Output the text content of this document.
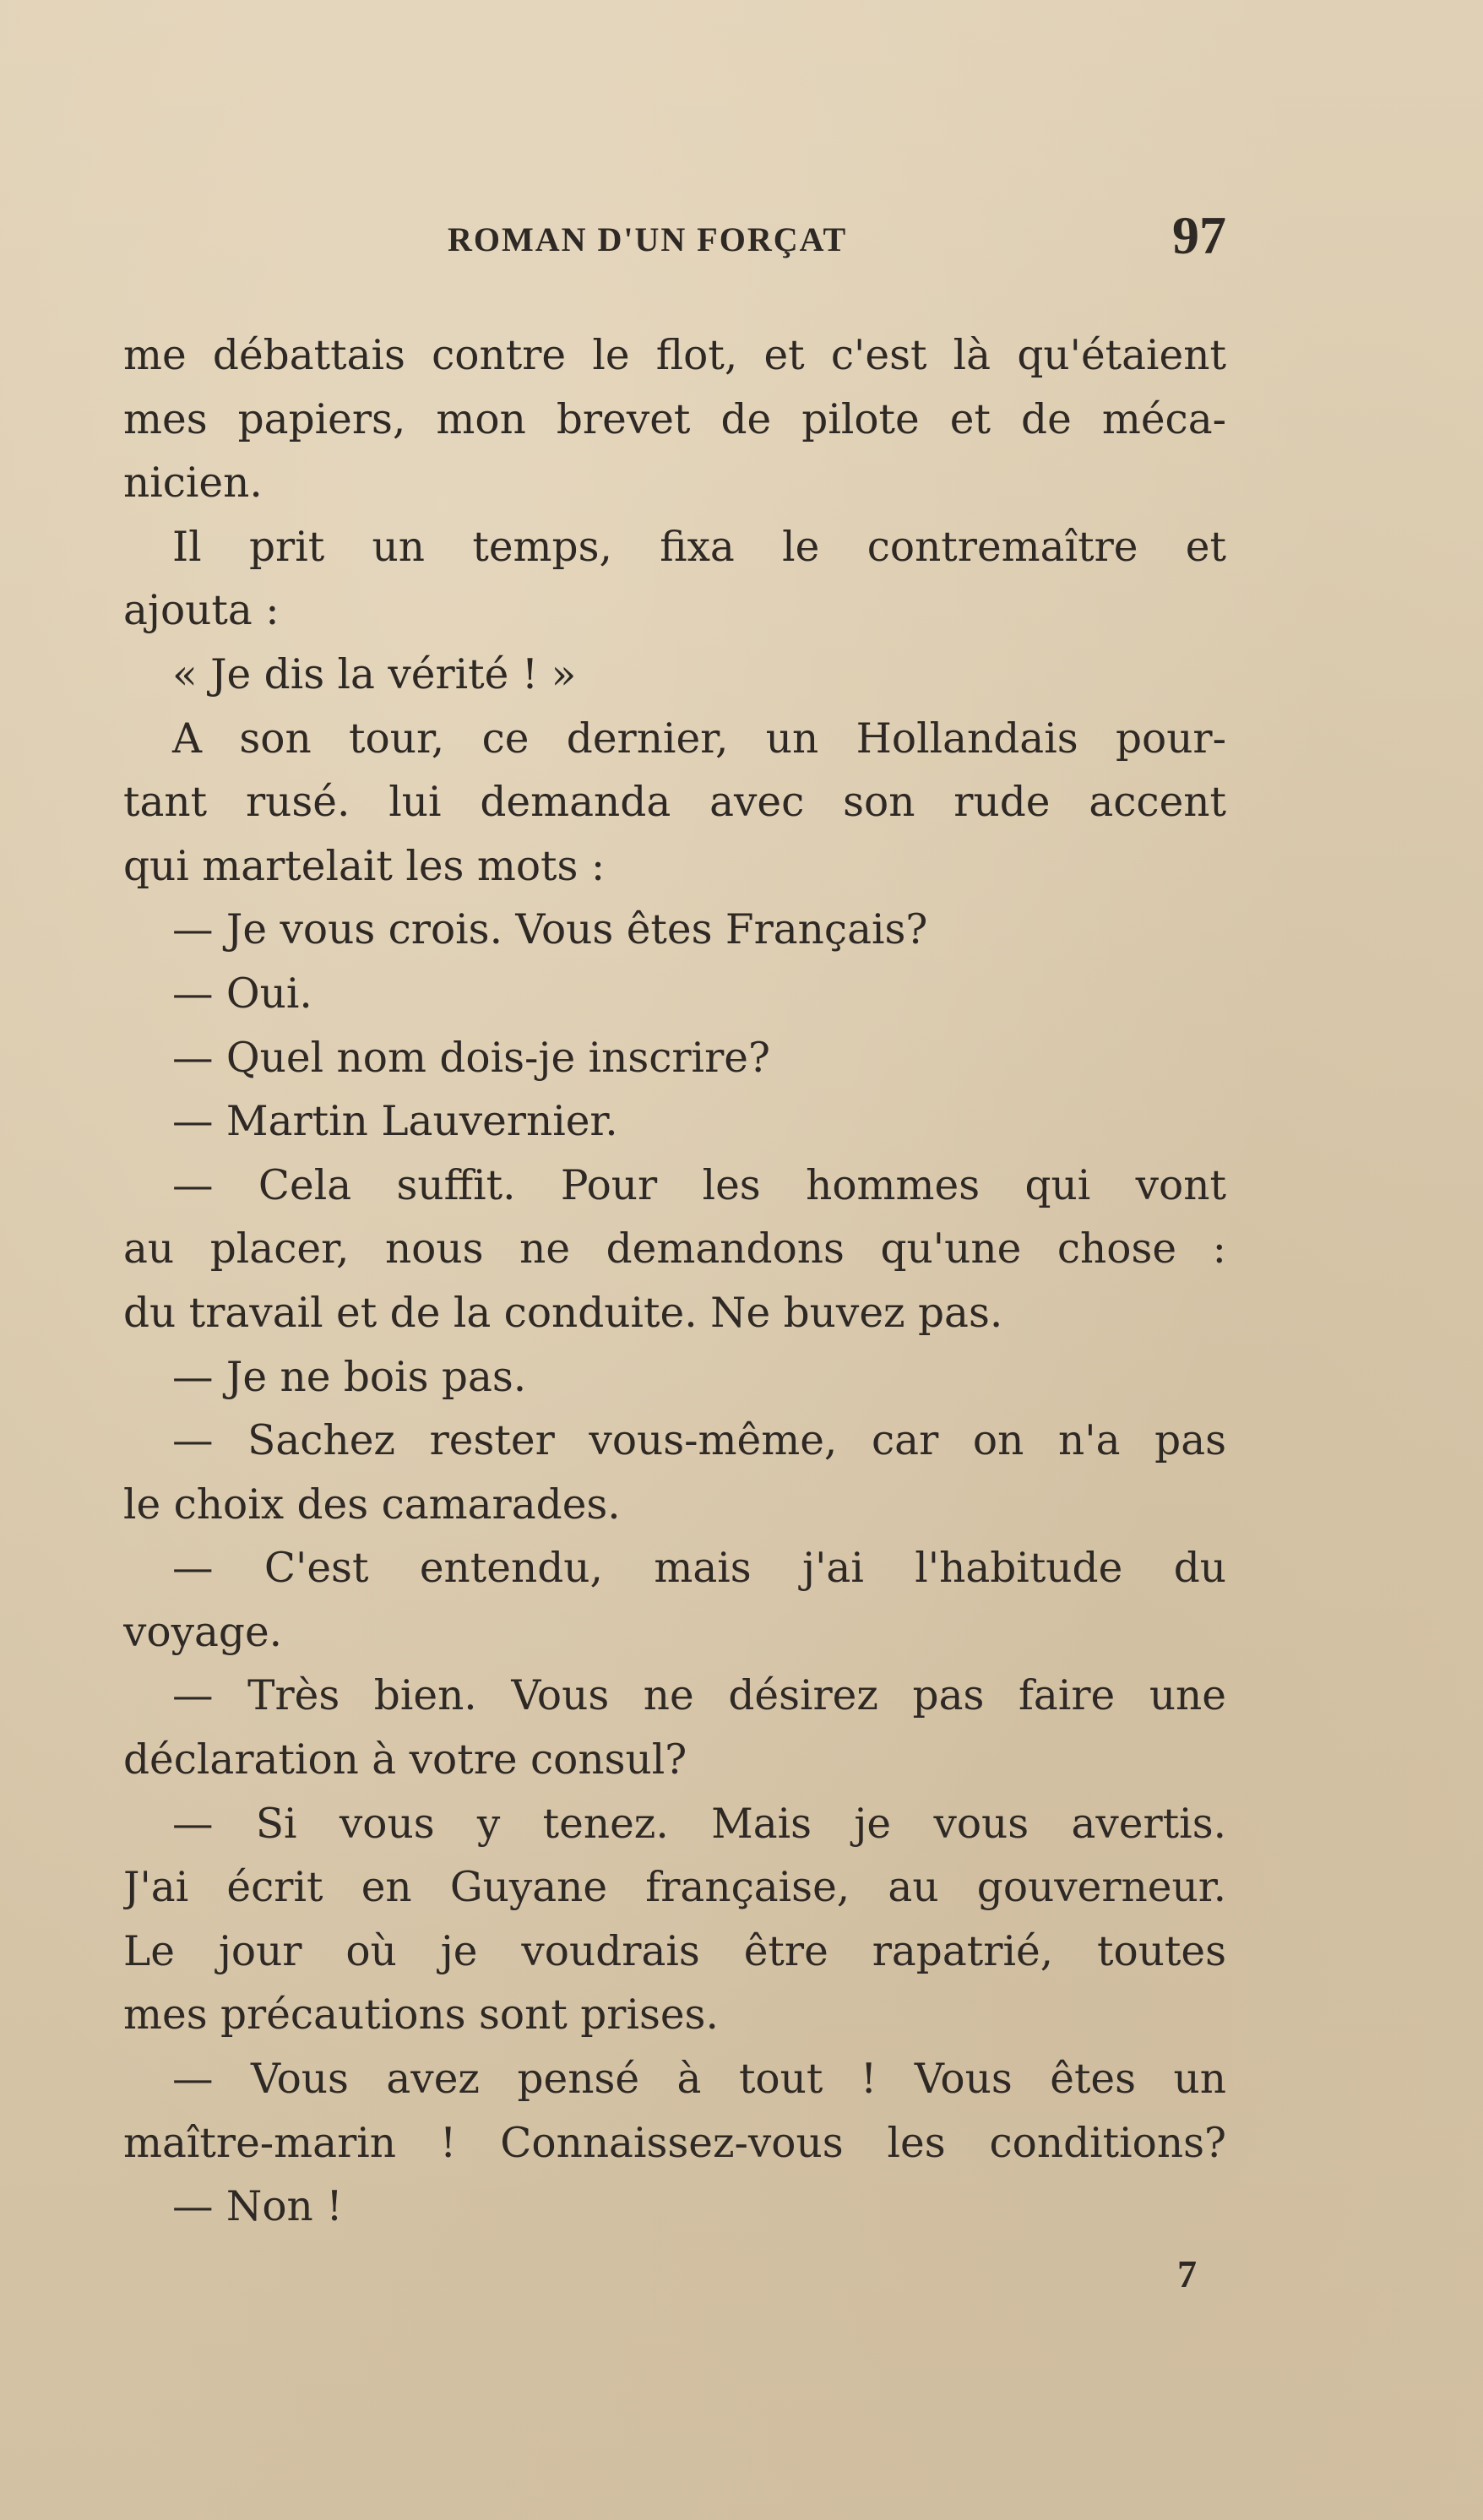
ROMAN D'UN FORÇAT	97
me débattais contre le flot, et c'est là qu'étaient
mes papiers, mon brevet de pilote et de méca-
nicien.
Il prit un temps, fixa le contremaître et
ajouta :
« Je dis la vérité ! »
A son tour, ce dernier, un Hollandais pour-
tant rusé. lui demanda avec son rude accent
qui martelait les mots :
— Je vous crois. Vous êtes Français?
— Oui.
— Quel nom dois-je inscrire?
— Martin Lauvernier.
— Cela suffit. Pour les hommes qui vont
au placer, nous ne demandons qu'une chose :
du travail et de la conduite. Ne buvez pas.
— Je ne bois pas.
— Sachez rester vous-même, car on n'a pas
le choix des camarades.
— C'est entendu, mais j'ai l'habitude du
voyage.
— Très bien. Vous ne désirez pas faire une
déclaration à votre consul?
— Si vous y tenez. Mais je vous avertis.
J'ai écrit en Guyane française, au gouverneur.
Le jour où je voudrais être rapatrié, toutes
mes précautions sont prises.
— Vous avez pensé à tout ! Vous êtes un
maître-marin ! Connaissez-vous les conditions?
— Non !
7
